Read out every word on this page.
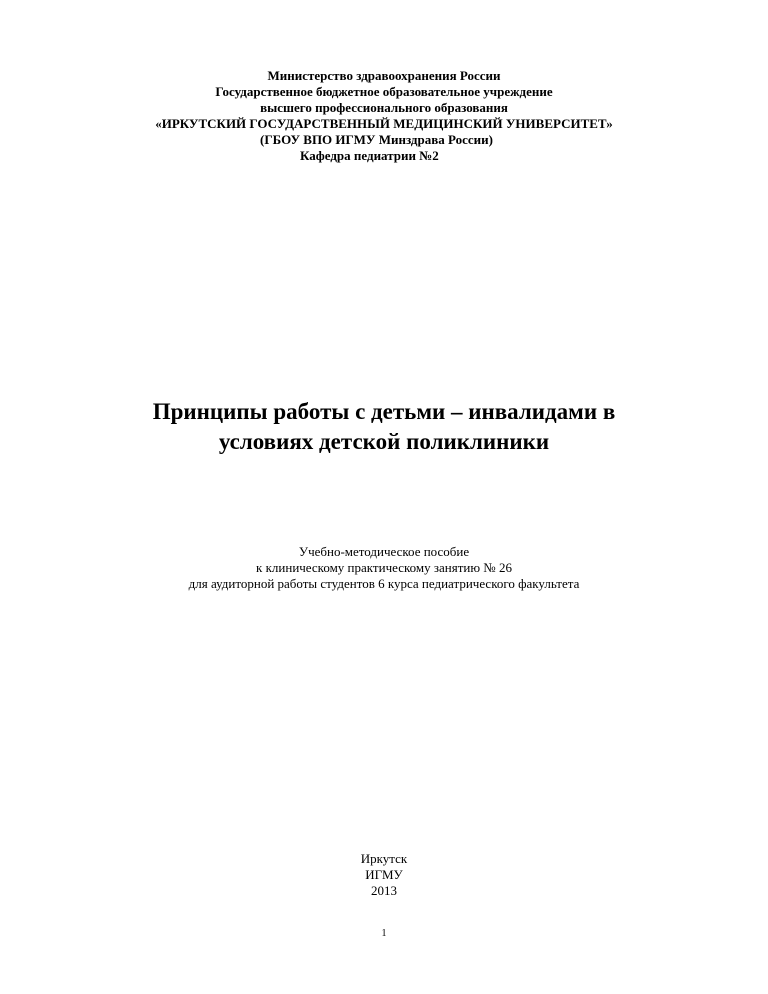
Министерство здравоохранения России
Государственное бюджетное образовательное учреждение
высшего профессионального образования
«ИРКУТСКИЙ ГОСУДАРСТВЕННЫЙ МЕДИЦИНСКИЙ УНИВЕРСИТЕТ»
(ГБОУ ВПО ИГМУ Минздрава России)
Кафедра педиатрии №2
Принципы работы с детьми – инвалидами в
условиях детской поликлиники
Учебно-методическое пособие
к клиническому практическому занятию № 26
для аудиторной работы студентов 6 курса педиатрического факультета
Иркутск
ИГМУ
2013
1
